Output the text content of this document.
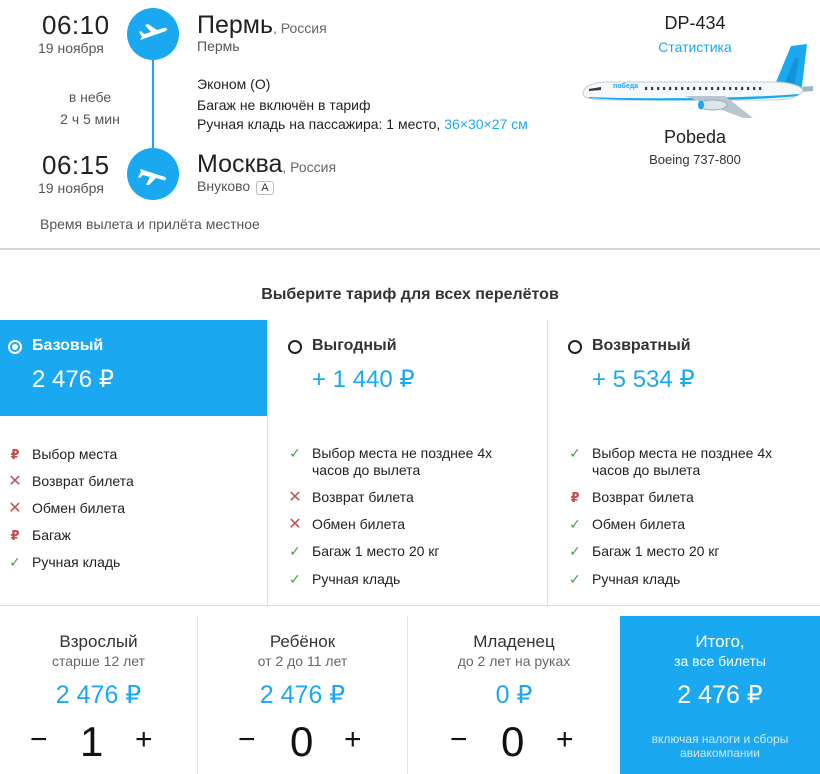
06:10
19 ноября
в небе
2 ч 5 мин
06:15
19 ноября
Пермь, Россия
Пермь
Эконом (O)
Багаж не включён в тариф
Ручная кладь на пассажира: 1 место, 36×30×27 см
Москва, Россия
Внуково A
Время вылета и прилёта местное
DP-434
Статистика
победа
Pobeda
Boeing 737-800
Выберите тариф для всех перелётов
Базовый
2 476 ₽
₽ Выбор места
✕ Возврат билета
✕ Обмен билета
₽ Багаж
✓ Ручная кладь
Выгодный
+ 1 440 ₽
✓ Выбор места не позднее 4х часов до вылета
✕ Возврат билета
✕ Обмен билета
✓ Багаж 1 место 20 кг
✓ Ручная кладь
Возвратный
+ 5 534 ₽
✓ Выбор места не позднее 4х часов до вылета
₽ Возврат билета
✓ Обмен билета
✓ Багаж 1 место 20 кг
✓ Ручная кладь
Взрослый
старше 12 лет
2 476 ₽
− 1 +
Ребёнок
от 2 до 11 лет
2 476 ₽
− 0 +
Младенец
до 2 лет на руках
0 ₽
− 0 +
Итого,
за все билеты
2 476 ₽
включая налоги и сборы авиакомпании
